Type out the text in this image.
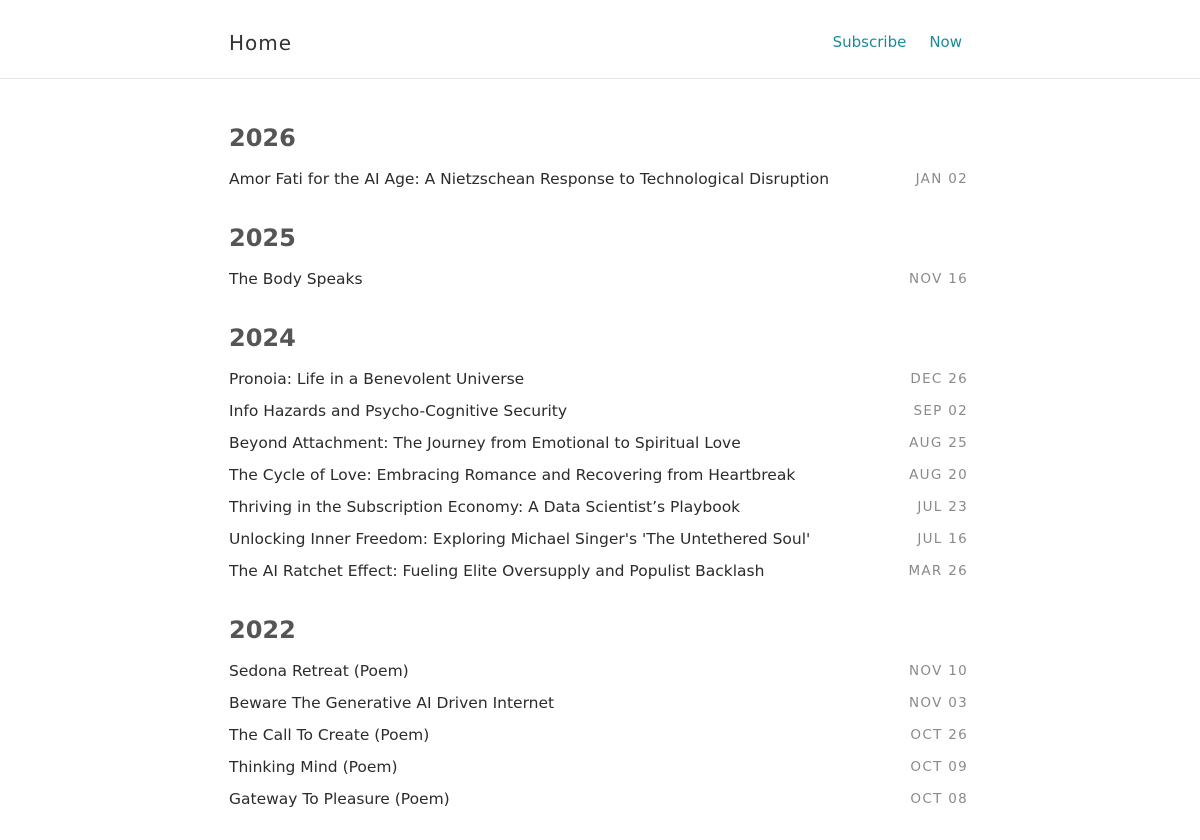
Home	Subscribe Now
2026
Amor Fati for the AI Age: A Nietzschean Response to Technological Disruption	JAN 02
2025
The Body Speaks	NOV 16
2024
Pronoia: Life in a Benevolent Universe	DEC 26
Info Hazards and Psycho-Cognitive Security	SEP 02
Beyond Attachment: The Journey from Emotional to Spiritual Love	AUG 25
The Cycle of Love: Embracing Romance and Recovering from Heartbreak	AUG 20
Thriving in the Subscription Economy: A Data Scientist’s Playbook	JUL 23
Unlocking Inner Freedom: Exploring Michael Singer's 'The Untethered Soul'	JUL 16
The AI Ratchet Effect: Fueling Elite Oversupply and Populist Backlash	MAR 26
2022
Sedona Retreat (Poem)	NOV 10
Beware The Generative AI Driven Internet	NOV 03
The Call To Create (Poem)	OCT 26
Thinking Mind (Poem)	OCT 09
Gateway To Pleasure (Poem)	OCT 08
